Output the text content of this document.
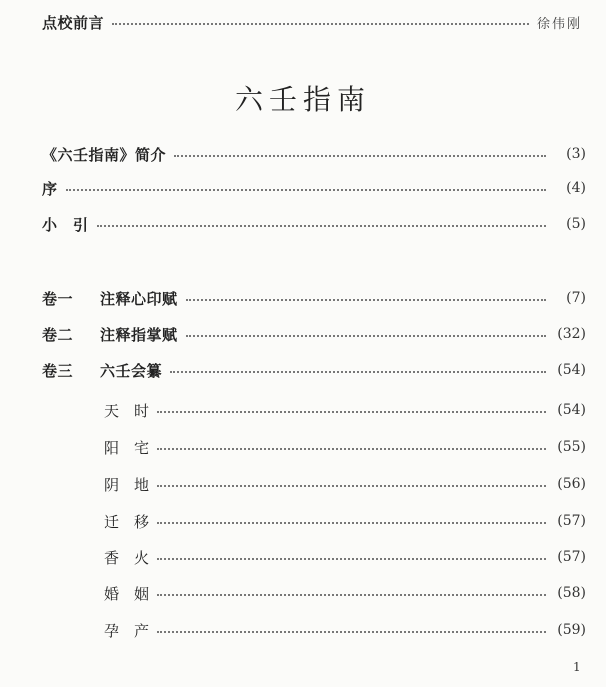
点校前言	徐伟刚
六壬指南
《六壬指南》简介	(3)
序	(4)
小　引	(5)
卷一	注释心印赋	(7)
卷二	注释指掌赋	(32)
卷三	六壬会纂	(54)
天　时	(54)
阳　宅	(55)
阴　地	(56)
迁　移	(57)
香　火	(57)
婚　姻	(58)
孕　产	(59)
1
